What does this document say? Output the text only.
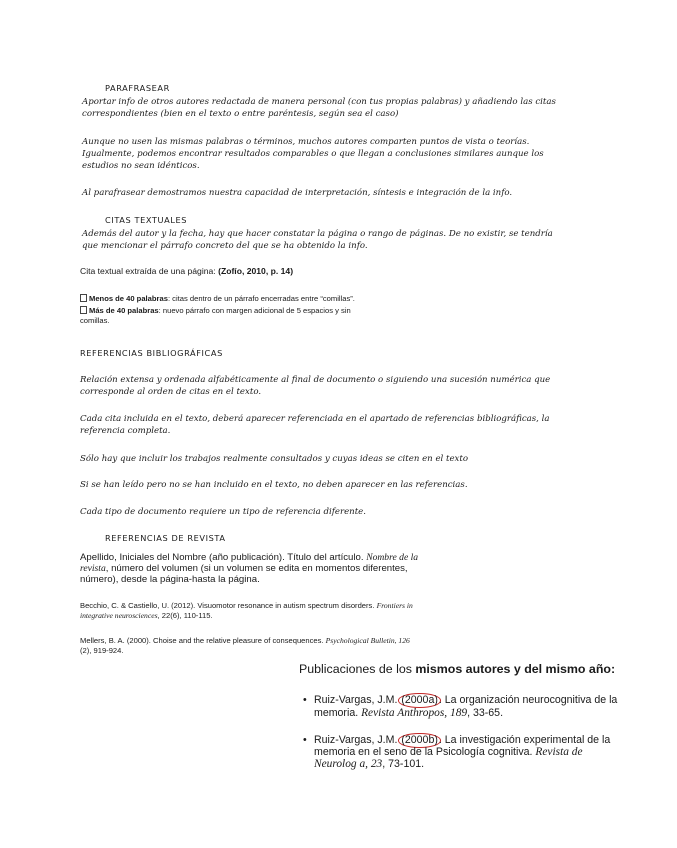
PARAFRASEAR
Aportar info de otros autores redactada de manera personal (con tus propias palabras) y añadiendo las citas
correspondientes (bien en el texto o entre paréntesis, según sea el caso)
Aunque no usen las mismas palabras o términos, muchos autores comparten puntos de vista o teorías.
Igualmente, podemos encontrar resultados comparables o que llegan a conclusiones similares aunque los
estudios no sean idénticos.
Al parafrasear demostramos nuestra capacidad de interpretación, síntesis e integración de la info.
CITAS TEXTUALES
Además del autor y la fecha, hay que hacer constatar la página o rango de páginas. De no existir, se tendría
que mencionar el párrafo concreto del que se ha obtenido la info.
Cita textual extraída de una página: (Zofío, 2010, p. 14)
Menos de 40 palabras: citas dentro de un párrafo encerradas entre “comillas”.
Más de 40 palabras: nuevo párrafo con margen adicional de 5 espacios y sin
comillas.
REFERENCIAS BIBLIOGRÁFICAS
Relación extensa y ordenada alfabéticamente al final de documento o siguiendo una sucesión numérica que
corresponde al orden de citas en el texto.
Cada cita incluida en el texto, deberá aparecer referenciada en el apartado de referencias bibliográficas, la
referencia completa.
Sólo hay que incluir los trabajos realmente consultados y cuyas ideas se citen en el texto
Si se han leído pero no se han incluido en el texto, no deben aparecer en las referencias.
Cada tipo de documento requiere un tipo de referencia diferente.
REFERENCIAS DE REVISTA
Apellido, Iniciales del Nombre (año publicación). Título del artículo. Nombre de la
revista, número del volumen (si un volumen se edita en momentos diferentes,
número), desde la página-hasta la página.
Becchio, C. & Castiello, U. (2012). Visuomotor resonance in autism spectrum disorders. Frontiers in
integrative neurosciences, 22(6), 110-115.
Mellers, B. A. (2000). Choise and the relative pleasure of consequences. Psychological Bulletin, 126
(2), 919-924.
Publicaciones de los mismos autores y del mismo año:
• Ruiz-Vargas, J.M. (2000a). La organización neurocognitiva de la
memoria. Revista Anthropos, 189, 33-65.
• Ruiz-Vargas, J.M. (2000b). La investigación experimental de la
memoria en el seno de la Psicología cognitiva. Revista de
Neurolog a, 23, 73-101.
